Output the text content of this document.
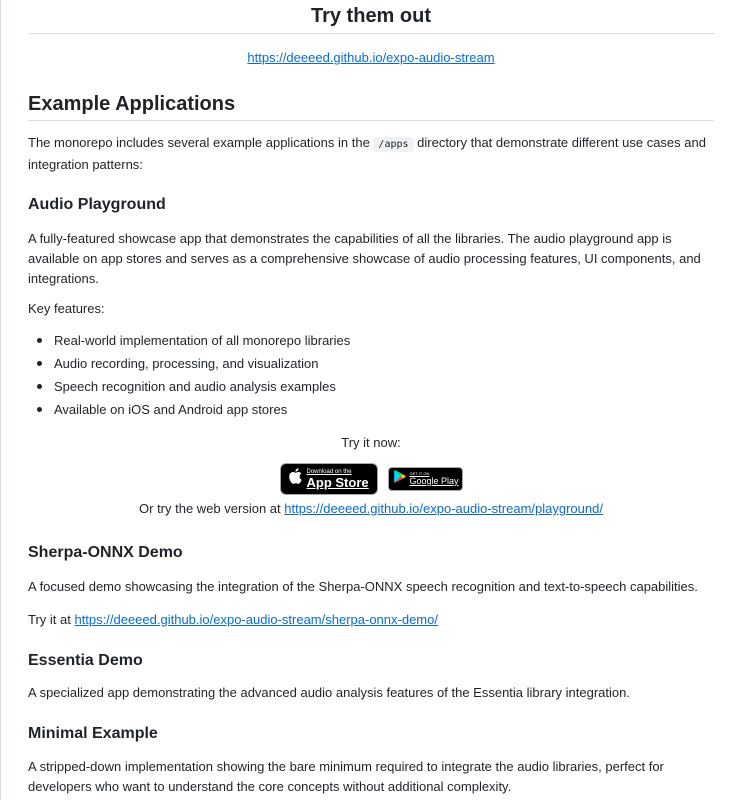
Try them out
https://deeeed.github.io/expo-audio-stream
Example Applications

The monorepo includes several example applications in the /apps directory that demonstrate different use cases and integration patterns:

Audio Playground

A fully-featured showcase app that demonstrates the capabilities of all the libraries. The audio playground app is available on app stores and serves as a comprehensive showcase of audio processing features, UI components, and integrations.

Key features:

Real-world implementation of all monorepo libraries
Audio recording, processing, and visualization
Speech recognition and audio analysis examples
Available on iOS and Android app stores

Try it now:

Download on the
App Store
GET IT ON
Google Play

Or try the web version at https://deeeed.github.io/expo-audio-stream/playground/

Sherpa-ONNX Demo

A focused demo showcasing the integration of the Sherpa-ONNX speech recognition and text-to-speech capabilities.

Try it at https://deeeed.github.io/expo-audio-stream/sherpa-onnx-demo/

Essentia Demo

A specialized app demonstrating the advanced audio analysis features of the Essentia library integration.

Minimal Example

A stripped-down implementation showing the bare minimum required to integrate the audio libraries, perfect for developers who want to understand the core concepts without additional complexity.
